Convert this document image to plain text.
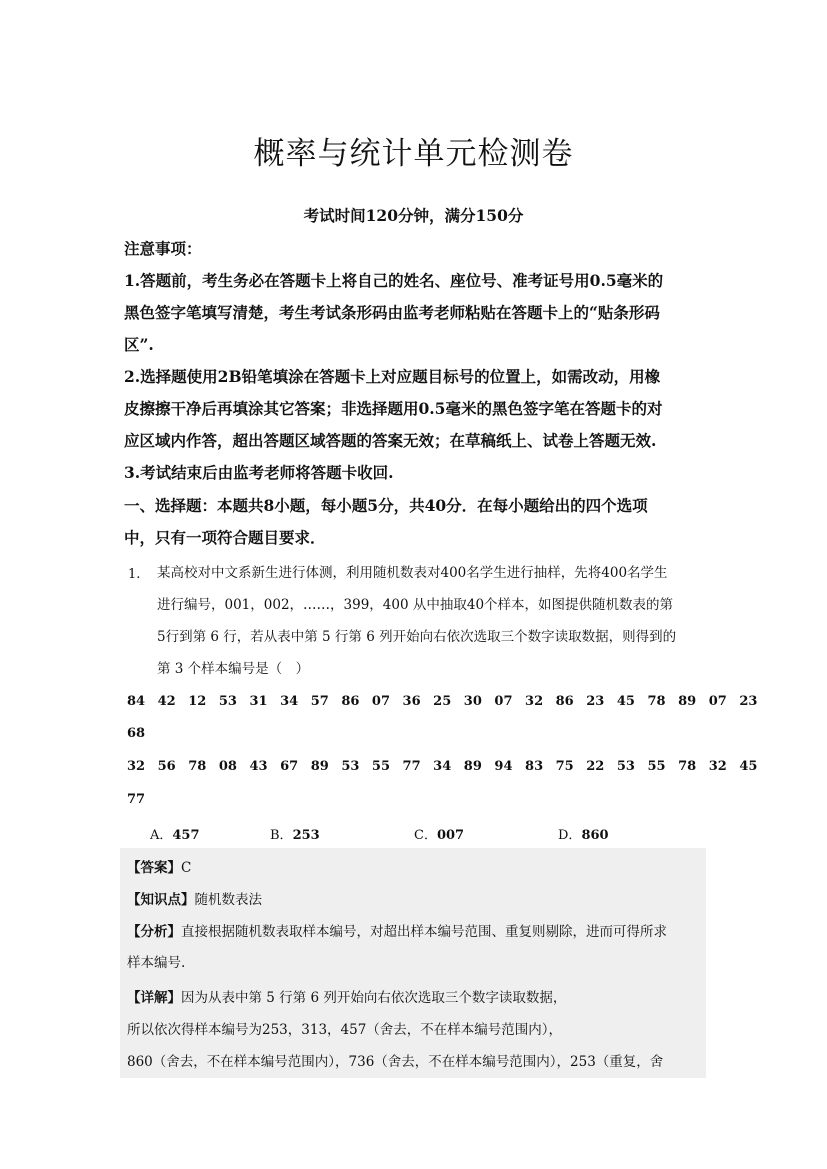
概率与统计单元检测卷
考试时间120分钟，满分150分
注意事项：
1.答题前，考生务必在答题卡上将自己的姓名、座位号、准考证号用0.5毫米的
黑色签字笔填写清楚，考生考试条形码由监考老师粘贴在答题卡上的“贴条形码
区”.
2.选择题使用2B铅笔填涂在答题卡上对应题目标号的位置上，如需改动，用橡
皮擦擦干净后再填涂其它答案；非选择题用0.5毫米的黑色签字笔在答题卡的对
应区域内作答，超出答题区域答题的答案无效；在草稿纸上、试卷上答题无效.
3.考试结束后由监考老师将答题卡收回.
一、选择题：本题共8小题，每小题5分，共40分．在每小题给出的四个选项
中，只有一项符合题目要求．
1. 某高校对中文系新生进行体测，利用随机数表对400名学生进行抽样，先将400名学生
进行编号，001，002，……，399，400 从中抽取40个样本，如图提供随机数表的第
5行到第 6 行，若从表中第 5 行第 6 列开始向右依次选取三个数字读取数据，则得到的
第 3 个样本编号是（　）
84 42 12 53 31 34 57 86 07 36 25 30 07 32 86 23 45 78 89 07 23
68
32 56 78 08 43 67 89 53 55 77 34 89 94 83 75 22 53 55 78 32 45
77
A．457	B．253	C．007	D．860
【答案】C
【知识点】随机数表法
【分析】直接根据随机数表取样本编号，对超出样本编号范围、重复则剔除，进而可得所求
样本编号.
【详解】因为从表中第 5 行第 6 列开始向右依次选取三个数字读取数据，
所以依次得样本编号为253，313，457（舍去，不在样本编号范围内），
860（舍去，不在样本编号范围内），736（舍去，不在样本编号范围内），253（重复，舍
